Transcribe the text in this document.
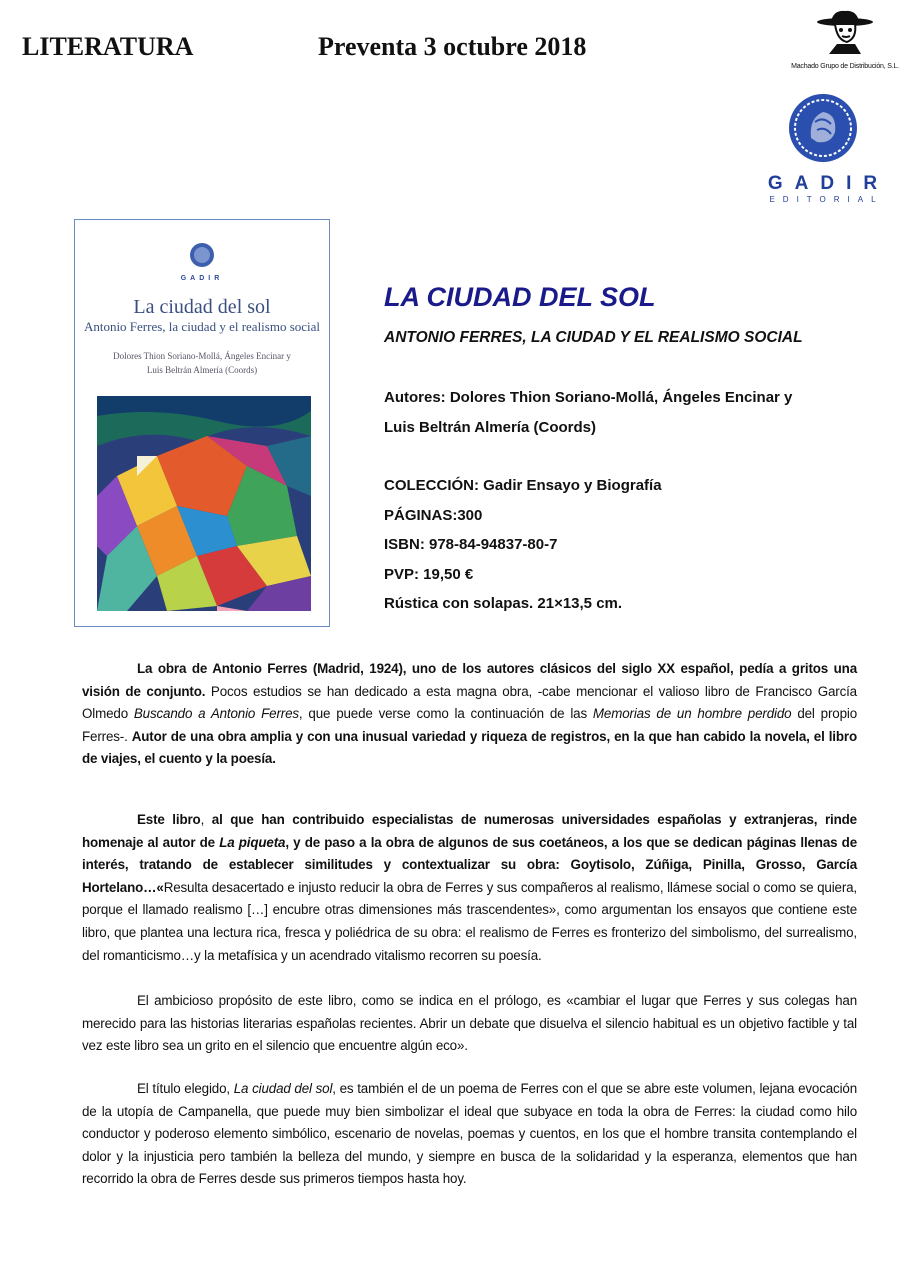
LITERATURA	Preventa 3 octubre 2018
Machado Grupo de Distribución, S.L.
GADIR
EDITORIAL
GADIR
La ciudad del sol
Antonio Ferres, la ciudad y el realismo social
Dolores Thion Soriano-Mollá, Ángeles Encinar y
Luis Beltrán Almería (Coords)
LA CIUDAD DEL SOL
ANTONIO FERRES, LA CIUDAD Y EL REALISMO SOCIAL
Autores: Dolores Thion Soriano-Mollá, Ángeles Encinar y
Luis Beltrán Almería (Coords)
COLECCIÓN: Gadir Ensayo y Biografía
PÁGINAS:300
ISBN: 978-84-94837-80-7
PVP: 19,50 €
Rústica con solapas. 21×13,5 cm.

La obra de Antonio Ferres (Madrid, 1924), uno de los autores clásicos del siglo XX español, pedía a gritos una visión de conjunto. Pocos estudios se han dedicado a esta magna obra, -cabe mencionar el valioso libro de Francisco García Olmedo Buscando a Antonio Ferres, que puede verse como la continuación de las Memorias de un hombre perdido del propio Ferres-. Autor de una obra amplia y con una inusual variedad y riqueza de registros, en la que han cabido la novela, el libro de viajes, el cuento y la poesía.

Este libro, al que han contribuido especialistas de numerosas universidades españolas y extranjeras, rinde homenaje al autor de La piqueta, y de paso a la obra de algunos de sus coetáneos, a los que se dedican páginas llenas de interés, tratando de establecer similitudes y contextualizar su obra: Goytisolo, Zúñiga, Pinilla, Grosso, García Hortelano…«Resulta desacertado e injusto reducir la obra de Ferres y sus compañeros al realismo, llámese social o como se quiera, porque el llamado realismo […] encubre otras dimensiones más trascendentes», como argumentan los ensayos que contiene este libro, que plantea una lectura rica, fresca y poliédrica de su obra: el realismo de Ferres es fronterizo del simbolismo, del surrealismo, del romanticismo…y la metafísica y un acendrado vitalismo recorren su poesía.

El ambicioso propósito de este libro, como se indica en el prólogo, es «cambiar el lugar que Ferres y sus colegas han merecido para las historias literarias españolas recientes. Abrir un debate que disuelva el silencio habitual es un objetivo factible y tal vez este libro sea un grito en el silencio que encuentre algún eco».

El título elegido, La ciudad del sol, es también el de un poema de Ferres con el que se abre este volumen, lejana evocación de la utopía de Campanella, que puede muy bien simbolizar el ideal que subyace en toda la obra de Ferres: la ciudad como hilo conductor y poderoso elemento simbólico, escenario de novelas, poemas y cuentos, en los que el hombre transita contemplando el dolor y la injusticia pero también la belleza del mundo, y siempre en busca de la solidaridad y la esperanza, elementos que han recorrido la obra de Ferres desde sus primeros tiempos hasta hoy.
